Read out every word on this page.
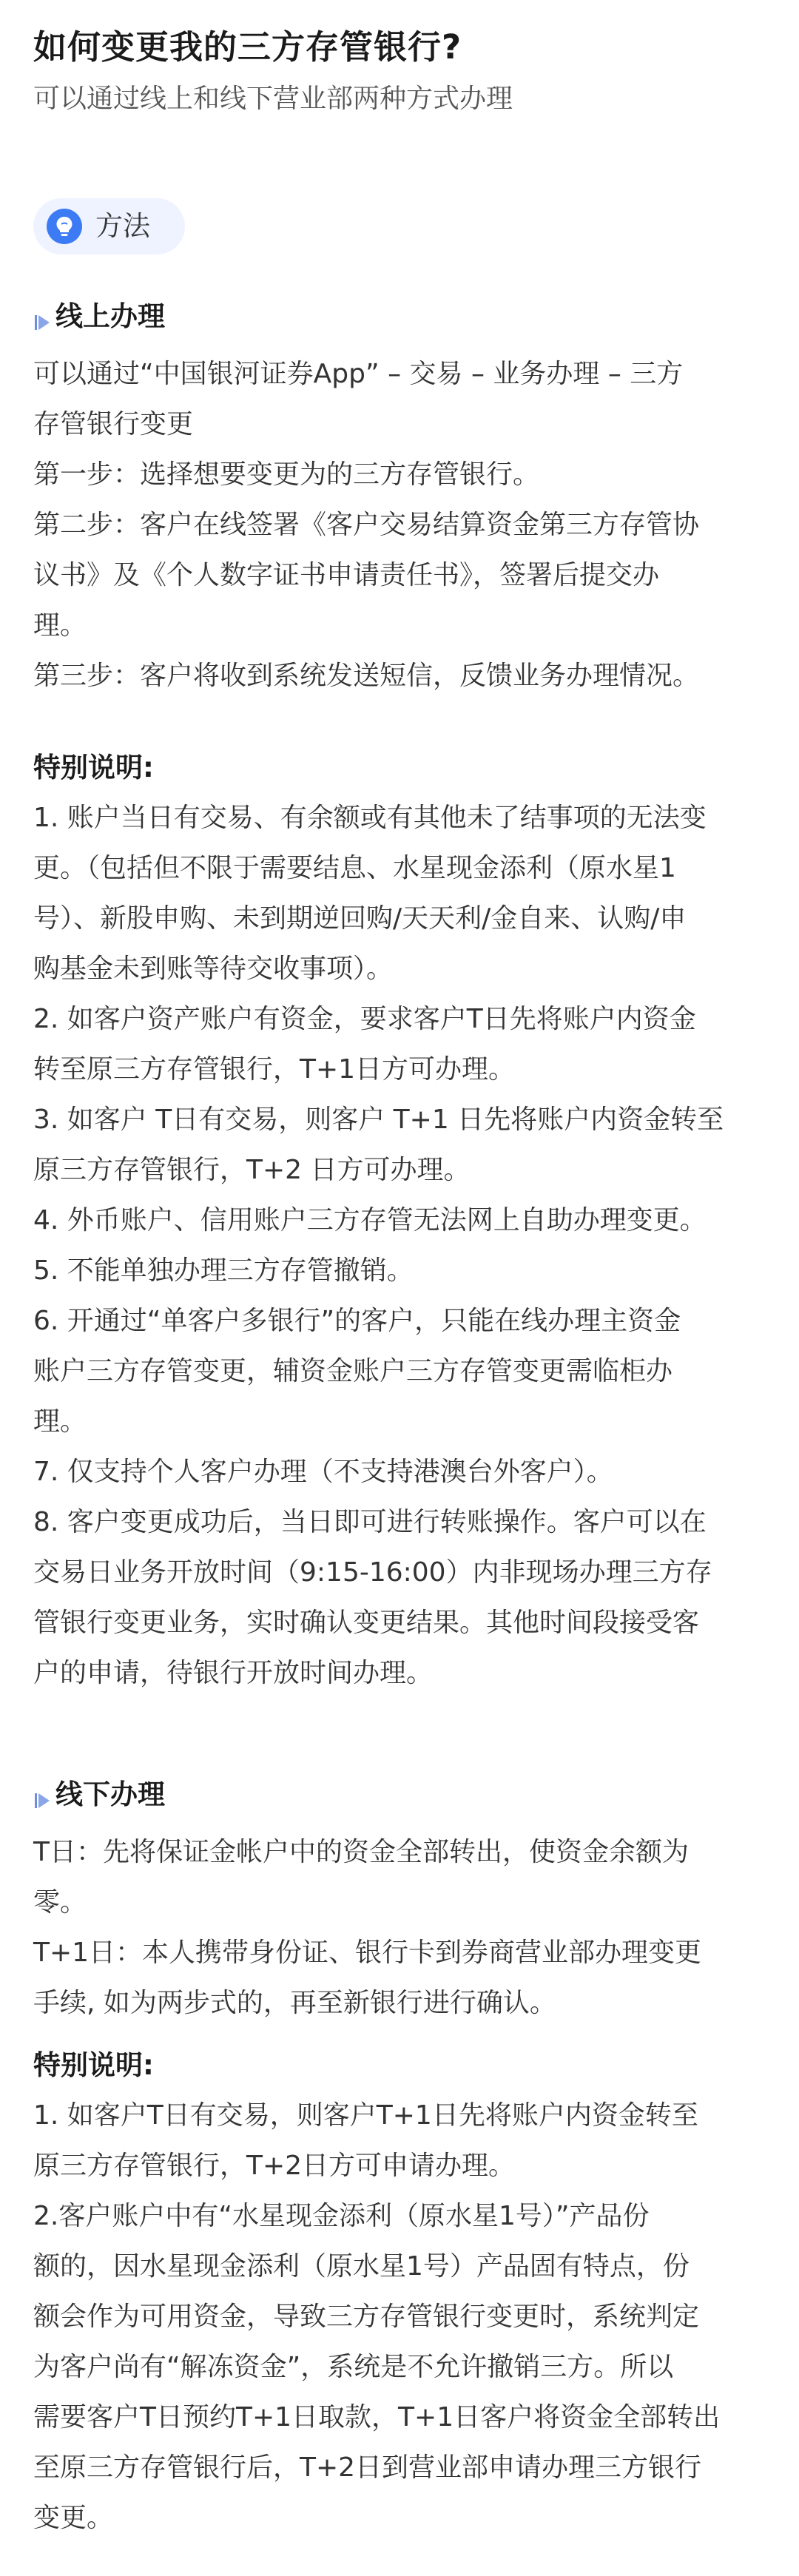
如何变更我的三方存管银行?
可以通过线上和线下营业部两种方式办理
方法
线上办理
可以通过“中国银河证券App” – 交易 – 业务办理 – 三方
存管银行变更
第一步：选择想要变更为的三方存管银行。
第二步：客户在线签署《客户交易结算资金第三方存管协
议书》及《个人数字证书申请责任书》，签署后提交办
理。
第三步：客户将收到系统发送短信，反馈业务办理情况。
特别说明:
1. 账户当日有交易、有余额或有其他未了结事项的无法变
更。（包括但不限于需要结息、水星现金添利（原水星1
号）、新股申购、未到期逆回购/天天利/金自来、认购/申
购基金未到账等待交收事项）。
2. 如客户资产账户有资金，要求客户T日先将账户内资金
转至原三方存管银行，T+1日方可办理。
3. 如客户 T日有交易，则客户 T+1 日先将账户内资金转至
原三方存管银行，T+2 日方可办理。
4. 外币账户、信用账户三方存管无法网上自助办理变更。
5. 不能单独办理三方存管撤销。
6. 开通过“单客户多银行”的客户，只能在线办理主资金
账户三方存管变更，辅资金账户三方存管变更需临柜办
理。
7. 仅支持个人客户办理（不支持港澳台外客户）。
8. 客户变更成功后，当日即可进行转账操作。客户可以在
交易日业务开放时间（9:15-16:00）内非现场办理三方存
管银行变更业务，实时确认变更结果。其他时间段接受客
户的申请，待银行开放时间办理。
线下办理
T日：先将保证金帐户中的资金全部转出，使资金余额为
零。
T+1日：本人携带身份证、银行卡到券商营业部办理变更
手续, 如为两步式的，再至新银行进行确认。
特别说明:
1. 如客户T日有交易，则客户T+1日先将账户内资金转至
原三方存管银行，T+2日方可申请办理。
2.客户账户中有“水星现金添利（原水星1号）”产品份
额的，因水星现金添利（原水星1号）产品固有特点，份
额会作为可用资金，导致三方存管银行变更时，系统判定
为客户尚有“解冻资金”，系统是不允许撤销三方。所以
需要客户T日预约T+1日取款，T+1日客户将资金全部转出
至原三方存管银行后，T+2日到营业部申请办理三方银行
变更。
